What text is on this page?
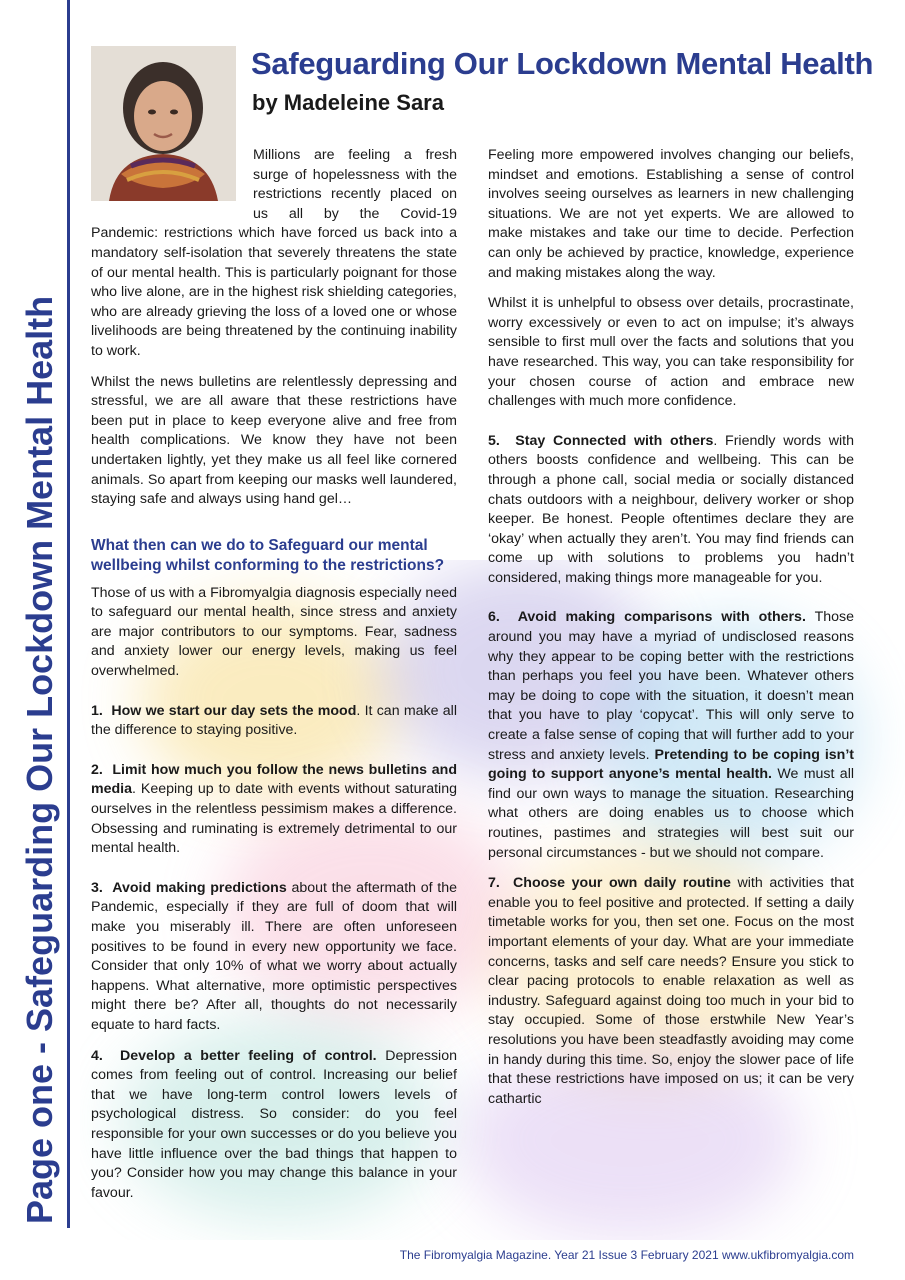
Page one - Safeguarding Our Lockdown Mental Health
Safeguarding Our Lockdown Mental Health
by Madeleine Sara

Millions are feeling a fresh surge of hopelessness with the restrictions recently placed on us all by the Covid-19 Pandemic: restrictions which have forced us back into a mandatory self-isolation that severely threatens the state of our mental health. This is particularly poignant for those who live alone, are in the highest risk shielding categories, who are already grieving the loss of a loved one or whose livelihoods are being threatened by the continuing inability to work.

Whilst the news bulletins are relentlessly depressing and stressful, we are all aware that these restrictions have been put in place to keep everyone alive and free from health complications. We know they have not been undertaken lightly, yet they make us all feel like cornered animals. So apart from keeping our masks well laundered, staying safe and always using hand gel…

What then can we do to Safeguard our mental wellbeing whilst conforming to the restrictions?

Those of us with a Fibromyalgia diagnosis especially need to safeguard our mental health, since stress and anxiety are major contributors to our symptoms. Fear, sadness and anxiety lower our energy levels, making us feel overwhelmed.

1. How we start our day sets the mood. It can make all the difference to staying positive.

2. Limit how much you follow the news bulletins and media. Keeping up to date with events without saturating ourselves in the relentless pessimism makes a difference. Obsessing and ruminating is extremely detrimental to our mental health.

3. Avoid making predictions about the aftermath of the Pandemic, especially if they are full of doom that will make you miserably ill. There are often unforeseen positives to be found in every new opportunity we face. Consider that only 10% of what we worry about actually happens. What alternative, more optimistic perspectives might there be? After all, thoughts do not necessarily equate to hard facts.

4. Develop a better feeling of control. Depression comes from feeling out of control. Increasing our belief that we have long-term control lowers levels of psychological distress. So consider: do you feel responsible for your own successes or do you believe you have little influence over the bad things that happen to you? Consider how you may change this balance in your favour.

Feeling more empowered involves changing our beliefs, mindset and emotions. Establishing a sense of control involves seeing ourselves as learners in new challenging situations. We are not yet experts. We are allowed to make mistakes and take our time to decide. Perfection can only be achieved by practice, knowledge, experience and making mistakes along the way.

Whilst it is unhelpful to obsess over details, procrastinate, worry excessively or even to act on impulse; it’s always sensible to first mull over the facts and solutions that you have researched. This way, you can take responsibility for your chosen course of action and embrace new challenges with much more confidence.

5. Stay Connected with others. Friendly words with others boosts confidence and wellbeing. This can be through a phone call, social media or socially distanced chats outdoors with a neighbour, delivery worker or shop keeper. Be honest. People oftentimes declare they are ‘okay’ when actually they aren’t. You may find friends can come up with solutions to problems you hadn’t considered, making things more manageable for you.

6. Avoid making comparisons with others. Those around you may have a myriad of undisclosed reasons why they appear to be coping better with the restrictions than perhaps you feel you have been. Whatever others may be doing to cope with the situation, it doesn’t mean that you have to play ‘copycat’. This will only serve to create a false sense of coping that will further add to your stress and anxiety levels. Pretending to be coping isn’t going to support anyone’s mental health. We must all find our own ways to manage the situation. Researching what others are doing enables us to choose which routines, pastimes and strategies will best suit our personal circumstances - but we should not compare.

7. Choose your own daily routine with activities that enable you to feel positive and protected. If setting a daily timetable works for you, then set one. Focus on the most important elements of your day. What are your immediate concerns, tasks and self care needs? Ensure you stick to clear pacing protocols to enable relaxation as well as industry. Safeguard against doing too much in your bid to stay occupied. Some of those erstwhile New Year’s resolutions you have been steadfastly avoiding may come in handy during this time. So, enjoy the slower pace of life that these restrictions have imposed on us; it can be very cathartic

The Fibromyalgia Magazine. Year 21 Issue 3 February 2021 www.ukfibromyalgia.com
